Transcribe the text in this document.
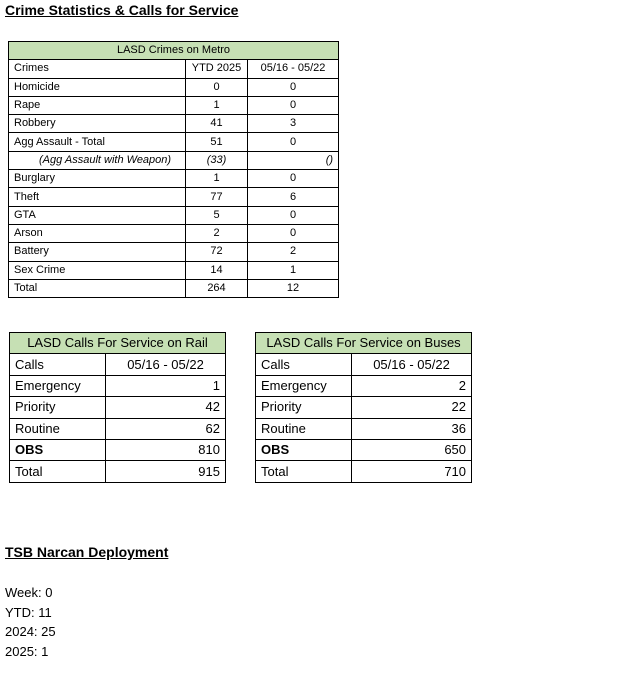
Crime Statistics & Calls for Service
LASD Crimes on Metro		
Crimes	YTD 2025	05/16 - 05/22
Homicide	0	0
Rape	1	0
Robbery	41	3
Agg Assault - Total	51	0
(Agg Assault with Weapon)	(33)	()
Burglary	1	0
Theft	77	6
GTA	5	0
Arson	2	0
Battery	72	2
Sex Crime	14	1
Total	264	12
LASD Calls For Service on Rail	
Calls	05/16 - 05/22
Emergency	1
Priority	42
Routine	62
OBS	810
Total	915
LASD Calls For Service on Buses	
Calls	05/16 - 05/22
Emergency	2
Priority	22
Routine	36
OBS	650
Total	710
TSB Narcan Deployment
Week: 0
YTD: 11
2024: 25
2025: 1
